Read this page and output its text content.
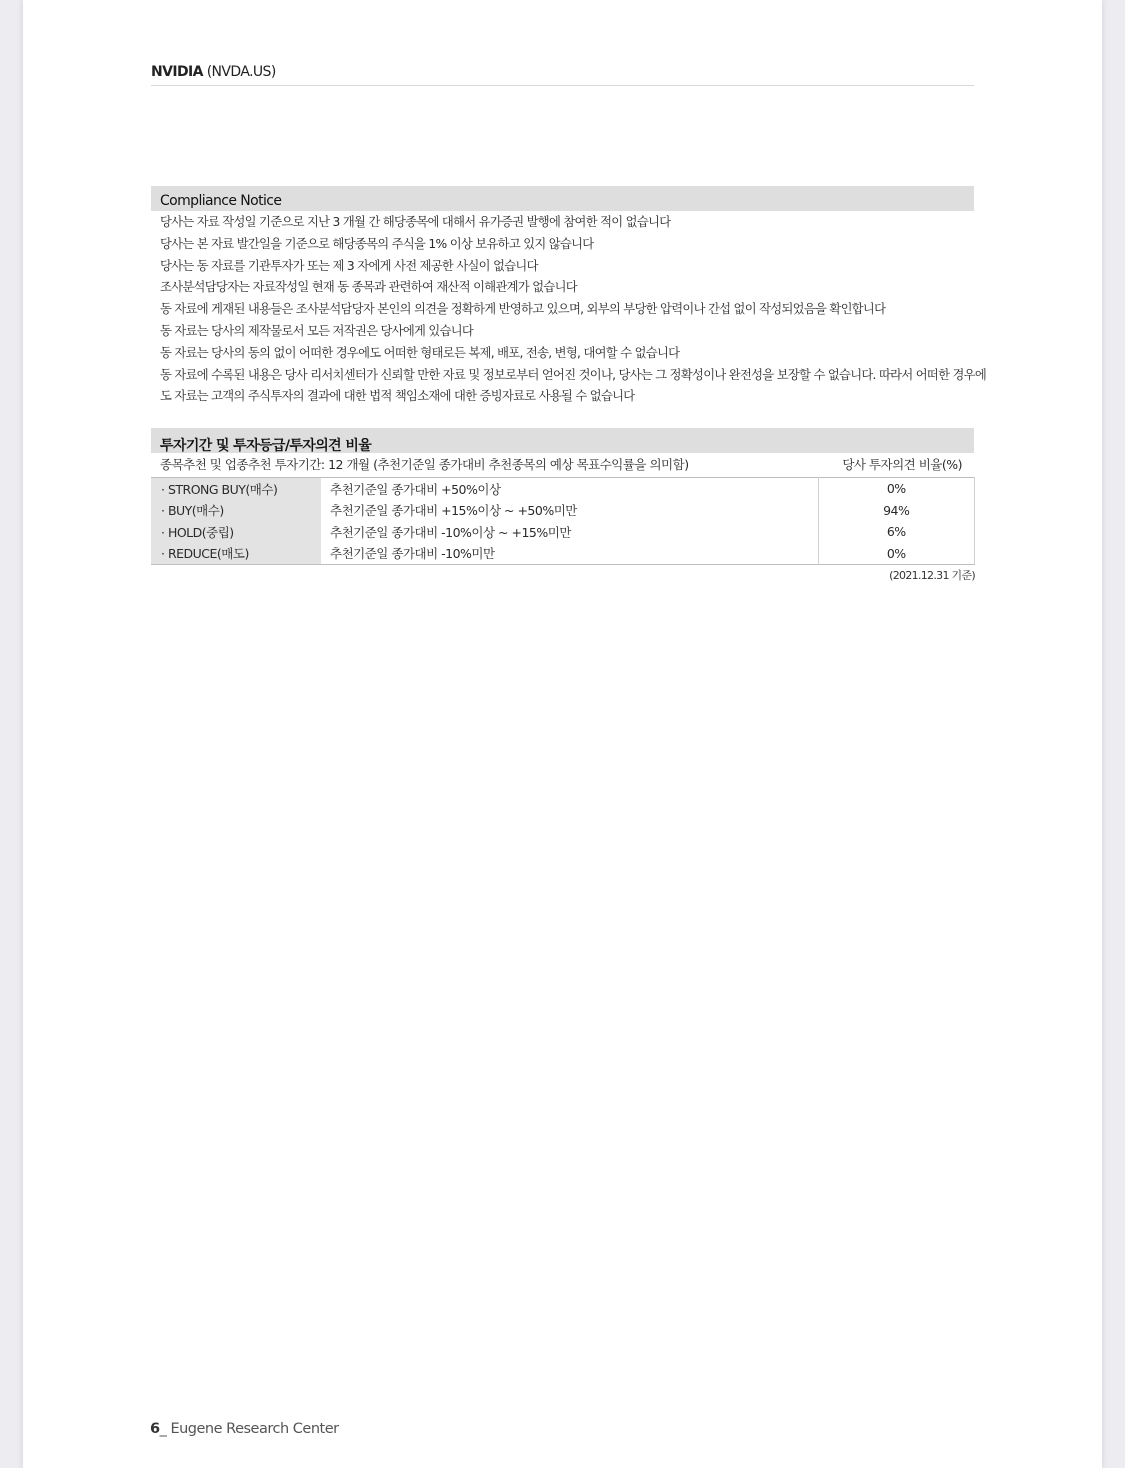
NVIDIA (NVDA.US)
Compliance Notice
당사는 자료 작성일 기준으로 지난 3 개월 간 해당종목에 대해서 유가증권 발행에 참여한 적이 없습니다
당사는 본 자료 발간일을 기준으로 해당종목의 주식을 1% 이상 보유하고 있지 않습니다
당사는 동 자료를 기관투자가 또는 제 3 자에게 사전 제공한 사실이 없습니다
조사분석담당자는 자료작성일 현재 동 종목과 관련하여 재산적 이해관계가 없습니다
동 자료에 게재된 내용들은 조사분석담당자 본인의 의견을 정확하게 반영하고 있으며, 외부의 부당한 압력이나 간섭 없이 작성되었음을 확인합니다
동 자료는 당사의 제작물로서 모든 저작권은 당사에게 있습니다
동 자료는 당사의 동의 없이 어떠한 경우에도 어떠한 형태로든 복제, 배포, 전송, 변형, 대여할 수 없습니다
동 자료에 수록된 내용은 당사 리서치센터가 신뢰할 만한 자료 및 정보로부터 얻어진 것이나, 당사는 그 정확성이나 완전성을 보장할 수 없습니다. 따라서 어떠한 경우에
도 자료는 고객의 주식투자의 결과에 대한 법적 책임소재에 대한 증빙자료로 사용될 수 없습니다
투자기간 및 투자등급/투자의견 비율
종목추천 및 업종추천 투자기간: 12 개월 (추천기준일 종가대비 추천종목의 예상 목표수익률을 의미함)	당사 투자의견 비율(%)
· STRONG BUY(매수)	추천기준일 종가대비 +50%이상	0%
· BUY(매수)	추천기준일 종가대비 +15%이상 ~ +50%미만	94%
· HOLD(중립)	추천기준일 종가대비 -10%이상 ~ +15%미만	6%
· REDUCE(매도)	추천기준일 종가대비 -10%미만	0%
(2021.12.31 기준)
6_ Eugene Research Center
